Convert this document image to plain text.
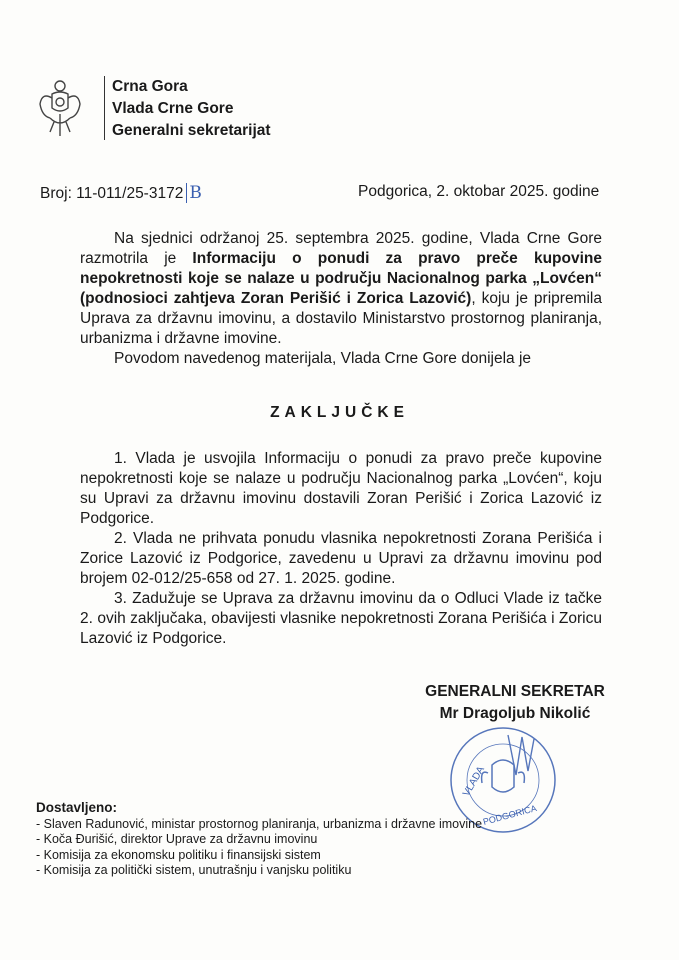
Crna Gora
Vlada Crne Gore
Generalni sekretarijat
Broj: 11-011/25-3172 B	Podgorica, 2. oktobar 2025. godine

Na sjednici održanoj 25. septembra 2025. godine, Vlada Crne Gore razmotrila je Informaciju o ponudi za pravo preče kupovine nepokretnosti koje se nalaze u području Nacionalnog parka „Lovćen“ (podnosioci zahtjeva Zoran Perišić i Zorica Lazović), koju je pripremila Uprava za državnu imovinu, a dostavilo Ministarstvo prostornog planiranja, urbanizma i državne imovine.

Povodom navedenog materijala, Vlada Crne Gore donijela je

ZAKLJUČKE

1. Vlada je usvojila Informaciju o ponudi za pravo preče kupovine nepokretnosti koje se nalaze u području Nacionalnog parka „Lovćen“, koju su Upravi za državnu imovinu dostavili Zoran Perišić i Zorica Lazović iz Podgorice.

2. Vlada ne prihvata ponudu vlasnika nepokretnosti Zorana Perišića i Zorice Lazović iz Podgorice, zavedenu u Upravi za državnu imovinu pod brojem 02-012/25-658 od 27. 1. 2025. godine.

3. Zadužuje se Uprava za državnu imovinu da o Odluci Vlade iz tačke 2. ovih zaključaka, obavijesti vlasnike nepokretnosti Zorana Perišića i Zoricu Lazović iz Podgorice.

GENERALNI SEKRETAR
Mr Dragoljub Nikolić
VLADA
PODGORICA
Dostavljeno:
- Slaven Radunović, ministar prostornog planiranja, urbanizma i državne imovine
- Koča Đurišić, direktor Uprave za državnu imovinu
- Komisija za ekonomsku politiku i finansijski sistem
- Komisija za politički sistem, unutrašnju i vanjsku politiku
